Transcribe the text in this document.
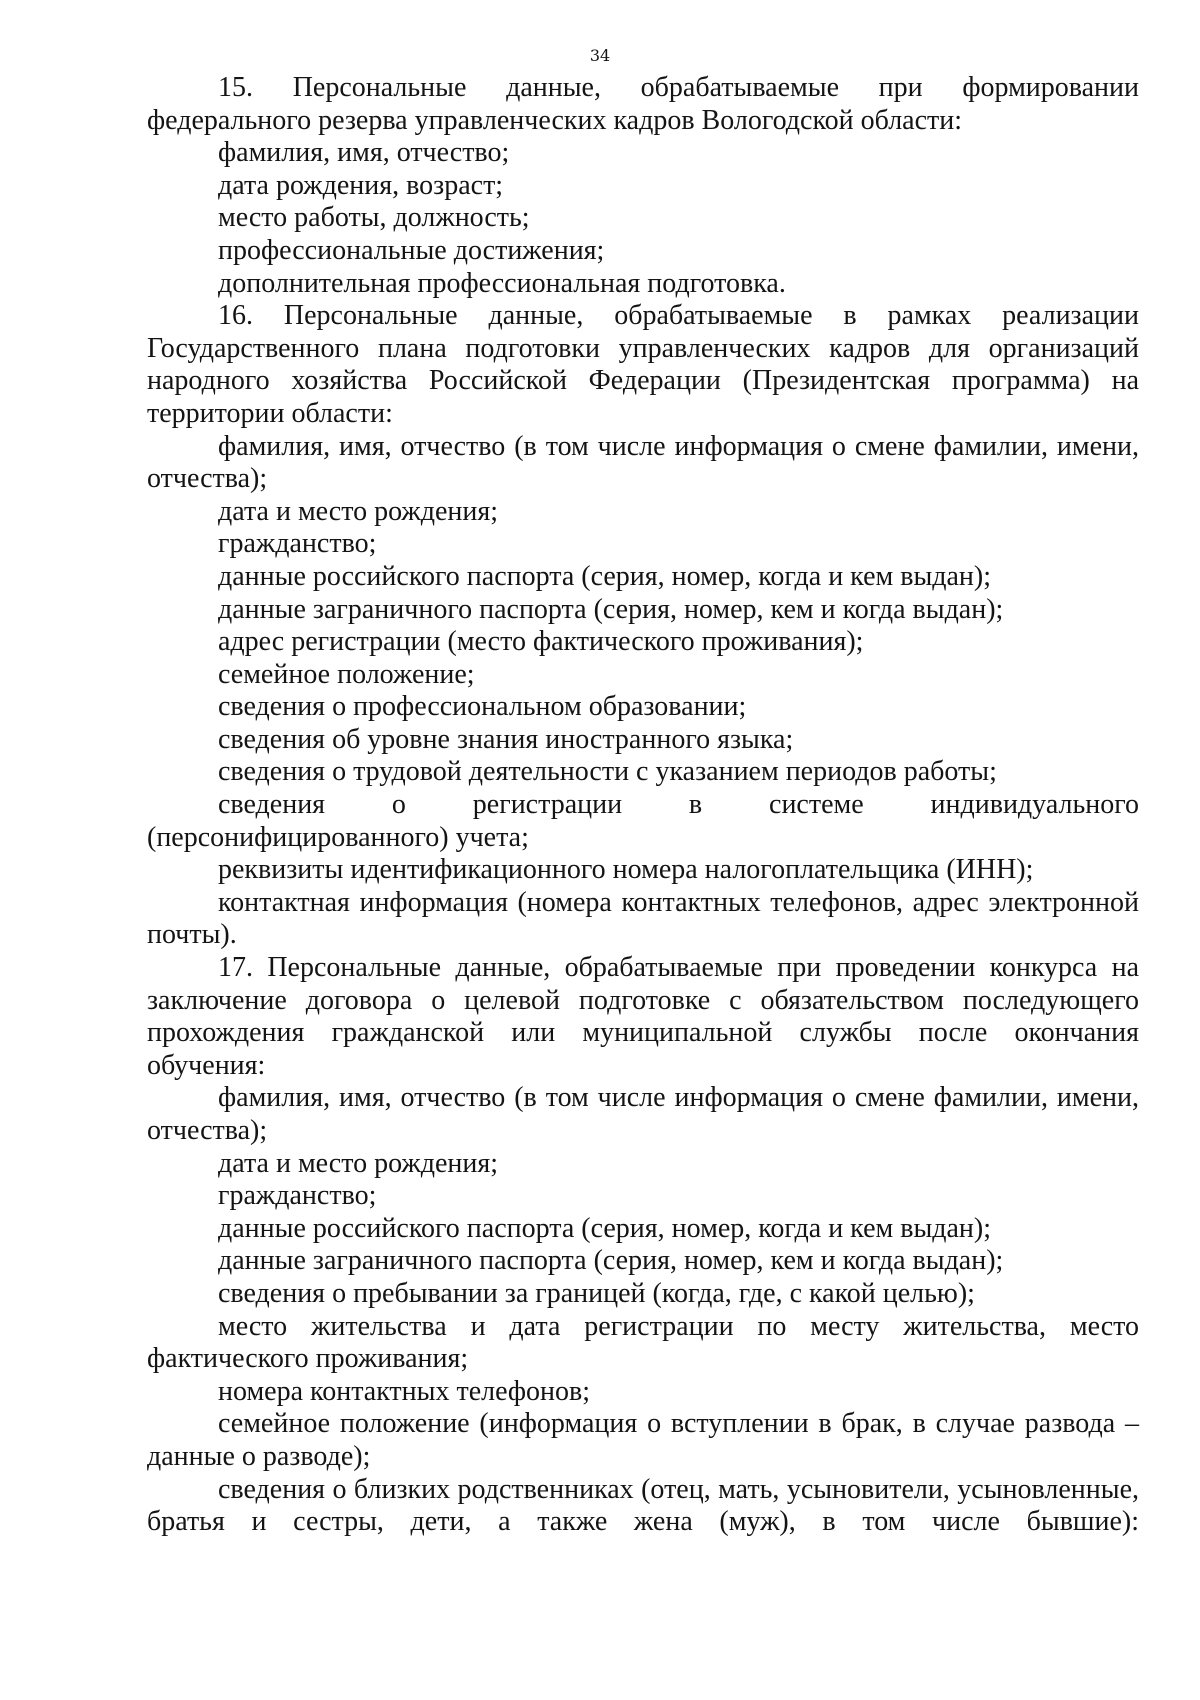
34

15. Персональные данные, обрабатываемые при формировании федерального резерва управленческих кадров Вологодской области:

фамилия, имя, отчество;

дата рождения, возраст;

место работы, должность;

профессиональные достижения;

дополнительная профессиональная подготовка.

16. Персональные данные, обрабатываемые в рамках реализации Государственного плана подготовки управленческих кадров для организаций народного хозяйства Российской Федерации (Президентская программа) на территории области:

фамилия, имя, отчество (в том числе информация о смене фамилии, имени, отчества);

дата и место рождения;

гражданство;

данные российского паспорта (серия, номер, когда и кем выдан);

данные заграничного паспорта (серия, номер, кем и когда выдан);

адрес регистрации (место фактического проживания);

семейное положение;

сведения о профессиональном образовании;

сведения об уровне знания иностранного языка;

сведения о трудовой деятельности с указанием периодов работы;

сведения о регистрации в системе индивидуального (персонифицированного) учета;

реквизиты идентификационного номера налогоплательщика (ИНН);

контактная информация (номера контактных телефонов, адрес электронной почты).

17. Персональные данные, обрабатываемые при проведении конкурса на заключение договора о целевой подготовке с обязательством последующего прохождения гражданской или муниципальной службы после окончания обучения:

фамилия, имя, отчество (в том числе информация о смене фамилии, имени, отчества);

дата и место рождения;

гражданство;

данные российского паспорта (серия, номер, когда и кем выдан);

данные заграничного паспорта (серия, номер, кем и когда выдан);

сведения о пребывании за границей (когда, где, с какой целью);

место жительства и дата регистрации по месту жительства, место фактического проживания;

номера контактных телефонов;

семейное положение (информация о вступлении в брак, в случае развода – данные о разводе);

сведения о близких родственниках (отец, мать, усыновители, усыновленные, братья и сестры, дети, а также жена (муж), в том числе бывшие):
